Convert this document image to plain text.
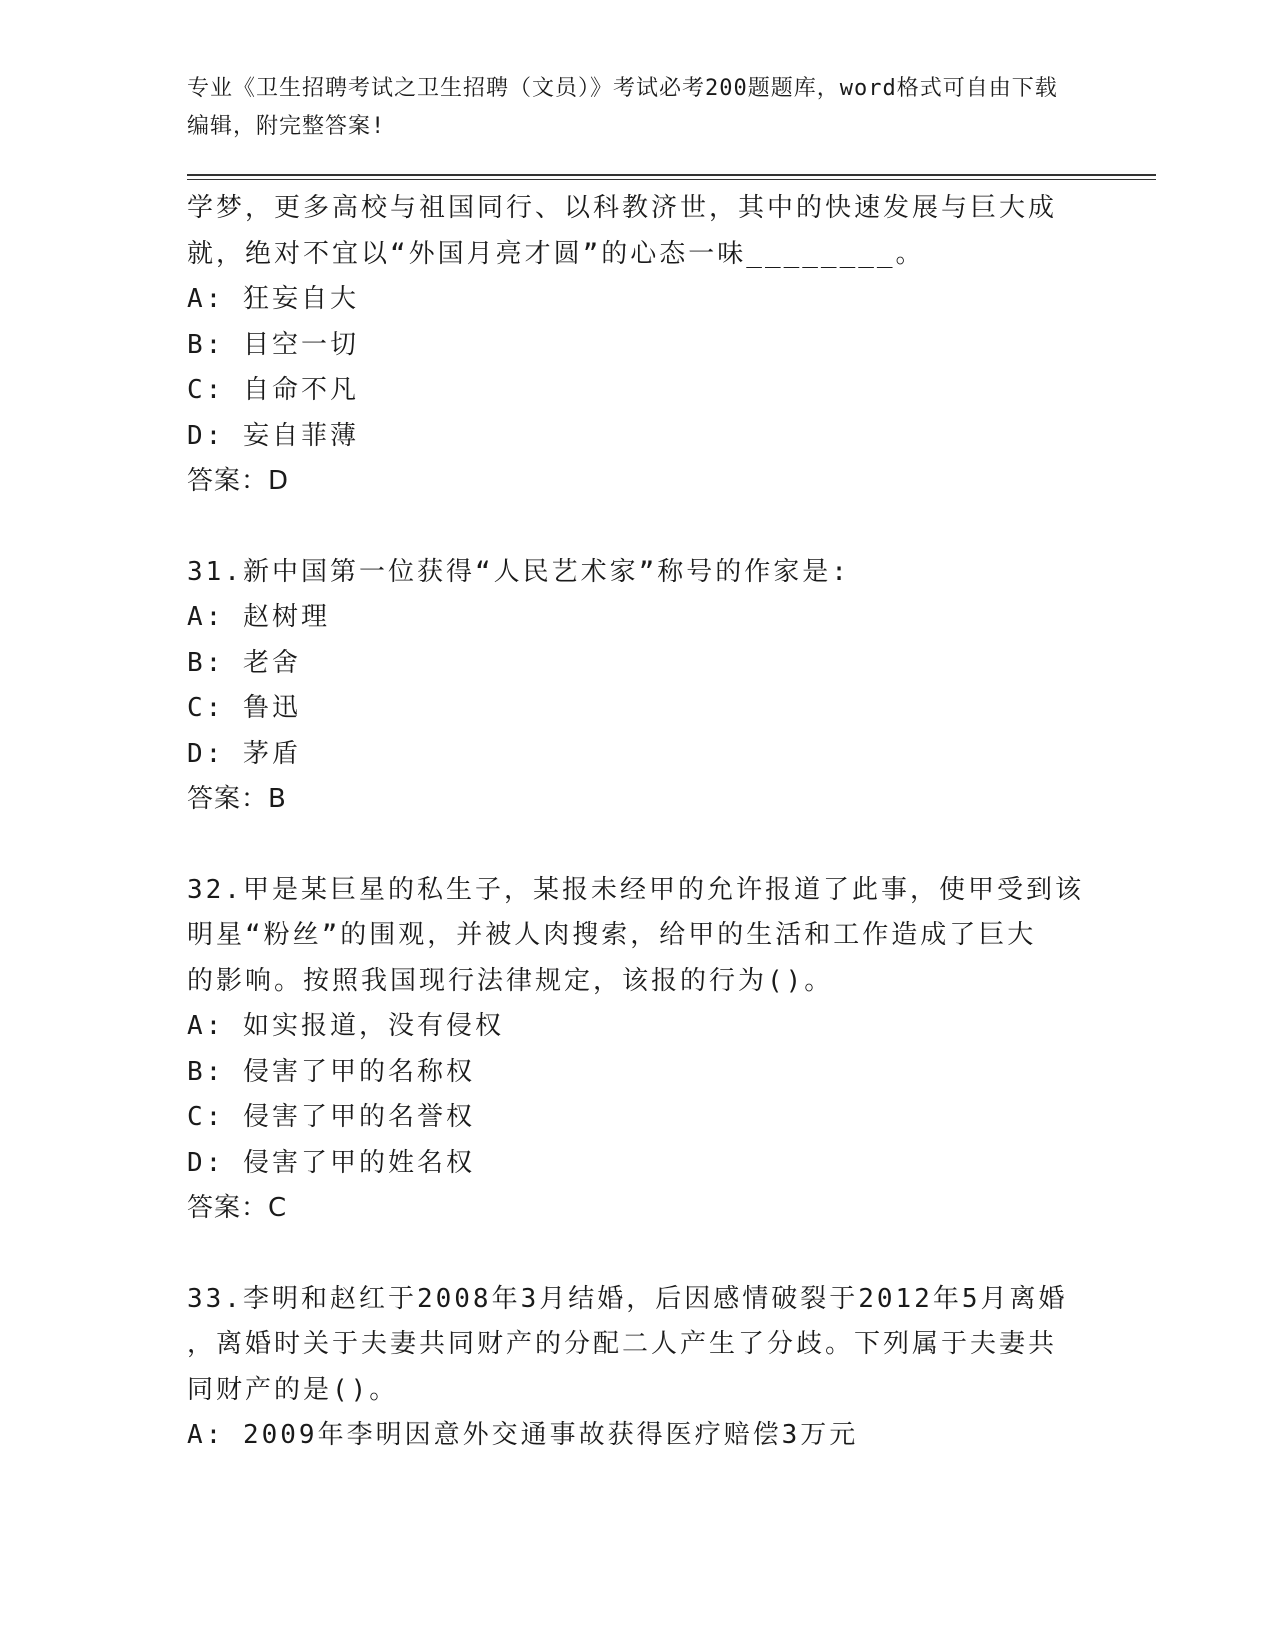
专业《卫生招聘考试之卫生招聘（文员）》考试必考200题题库，word格式可自由下载编辑，附完整答案!

学梦，更多高校与祖国同行、以科教济世，其中的快速发展与巨大成

就，绝对不宜以“外国月亮才圆”的心态一味________。

A: 狂妄自大

B: 目空一切

C: 自命不凡

D: 妄自菲薄

答案：D

31.新中国第一位获得“人民艺术家”称号的作家是:

A: 赵树理

B: 老舍

C: 鲁迅

D: 茅盾

答案：B

32.甲是某巨星的私生子，某报未经甲的允许报道了此事，使甲受到该

明星“粉丝”的围观，并被人肉搜索，给甲的生活和工作造成了巨大

的影响。按照我国现行法律规定，该报的行为()。

A: 如实报道，没有侵权

B: 侵害了甲的名称权

C: 侵害了甲的名誉权

D: 侵害了甲的姓名权

答案：C

33.李明和赵红于2008年3月结婚，后因感情破裂于2012年5月离婚

，离婚时关于夫妻共同财产的分配二人产生了分歧。下列属于夫妻共

同财产的是()。

A: 2009年李明因意外交通事故获得医疗赔偿3万元
